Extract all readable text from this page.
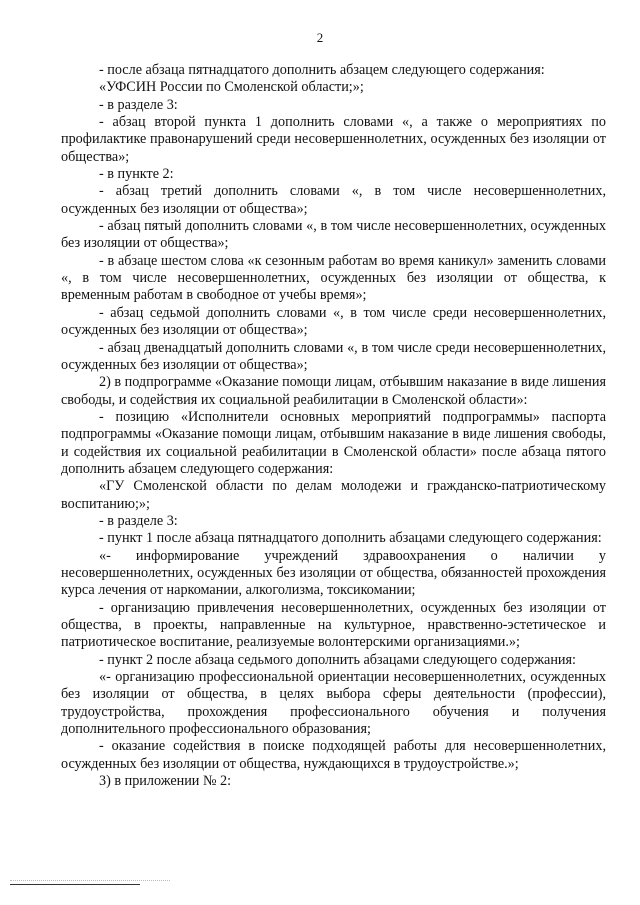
2

- после абзаца пятнадцатого дополнить абзацем следующего содержания:

«УФСИН России по Смоленской области;»;

- в разделе 3:

- абзац второй пункта 1 дополнить словами «, а также о мероприятиях по профилактике правонарушений среди несовершеннолетних, осужденных без изоляции от общества»;

- в пункте 2:

- абзац третий дополнить словами «, в том числе несовершеннолетних, осужденных без изоляции от общества»;

- абзац пятый дополнить словами «, в том числе несовершеннолетних, осужденных без изоляции от общества»;

- в абзаце шестом слова «к сезонным работам во время каникул» заменить словами «, в том числе несовершеннолетних, осужденных без изоляции от общества, к временным работам в свободное от учебы время»;

- абзац седьмой дополнить словами «, в том числе среди несовершеннолетних, осужденных без изоляции от общества»;

- абзац двенадцатый дополнить словами «, в том числе среди несовершеннолетних, осужденных без изоляции от общества»;

2) в подпрограмме «Оказание помощи лицам, отбывшим наказание в виде лишения свободы, и содействия их социальной реабилитации в Смоленской области»:

- позицию «Исполнители основных мероприятий подпрограммы» паспорта подпрограммы «Оказание помощи лицам, отбывшим наказание в виде лишения свободы, и содействия их социальной реабилитации в Смоленской области» после абзаца пятого дополнить абзацем следующего содержания:

«ГУ Смоленской области по делам молодежи и гражданско-патриотическому воспитанию;»;

- в разделе 3:

- пункт 1 после абзаца пятнадцатого дополнить абзацами следующего содержания:

«- информирование учреждений здравоохранения о наличии у несовершеннолетних, осужденных без изоляции от общества, обязанностей прохождения курса лечения от наркомании, алкоголизма, токсикомании;

- организацию привлечения несовершеннолетних, осужденных без изоляции от общества, в проекты, направленные на культурное, нравственно-эстетическое и патриотическое воспитание, реализуемые волонтерскими организациями.»;

- пункт 2 после абзаца седьмого дополнить абзацами следующего содержания:

«- организацию профессиональной ориентации несовершеннолетних, осужденных без изоляции от общества, в целях выбора сферы деятельности (профессии), трудоустройства, прохождения профессионального обучения и получения дополнительного профессионального образования;

- оказание содействия в поиске подходящей работы для несовершеннолетних, осужденных без изоляции от общества, нуждающихся в трудоустройстве.»;

3) в приложении № 2:
